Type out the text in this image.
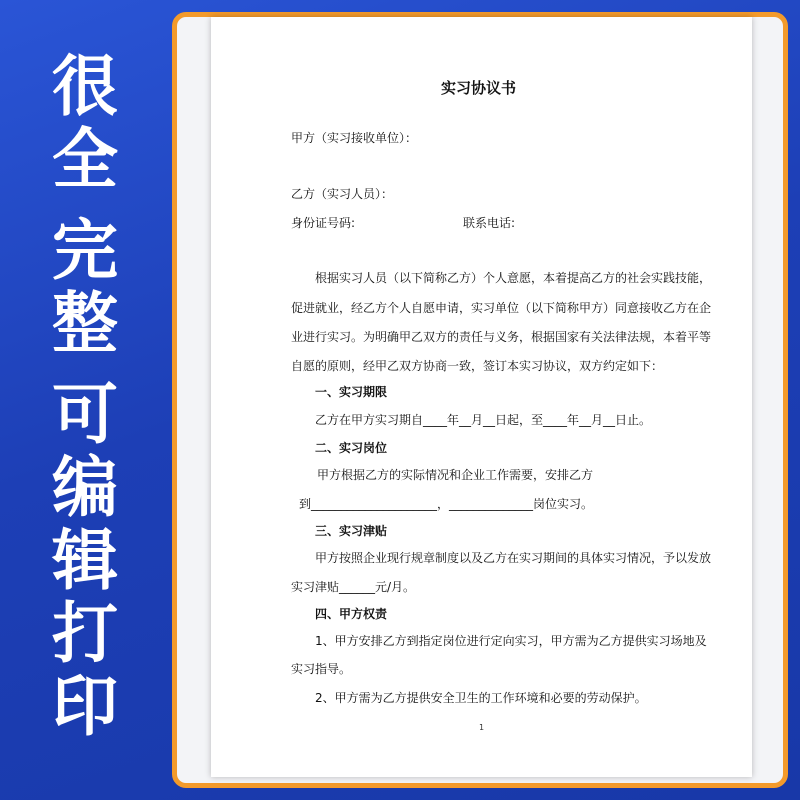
很
全
完
整
可
编
辑
打
印
实习协议书
甲方（实习接收单位）：
乙方（实习人员）：
身份证号码:	联系电话:
根据实习人员（以下简称乙方）个人意愿，本着提高乙方的社会实践技能，
促进就业，经乙方个人自愿申请，实习单位（以下简称甲方）同意接收乙方在企
业进行实习。为明确甲乙双方的责任与义务，根据国家有关法律法规，本着平等
自愿的原则，经甲乙双方协商一致，签订本实习协议，双方约定如下：
一、实习期限
乙方在甲方实习期自____年__月__日起，至____年__月__日止。
二、实习岗位
甲方根据乙方的实际情况和企业工作需要，安排乙方
到_____________________，______________岗位实习。
三、实习津贴
甲方按照企业现行规章制度以及乙方在实习期间的具体实习情况，予以发放
实习津贴______元/月。
四、甲方权责
1、甲方安排乙方到指定岗位进行定向实习，甲方需为乙方提供实习场地及
实习指导。
2、甲方需为乙方提供安全卫生的工作环境和必要的劳动保护。
1
